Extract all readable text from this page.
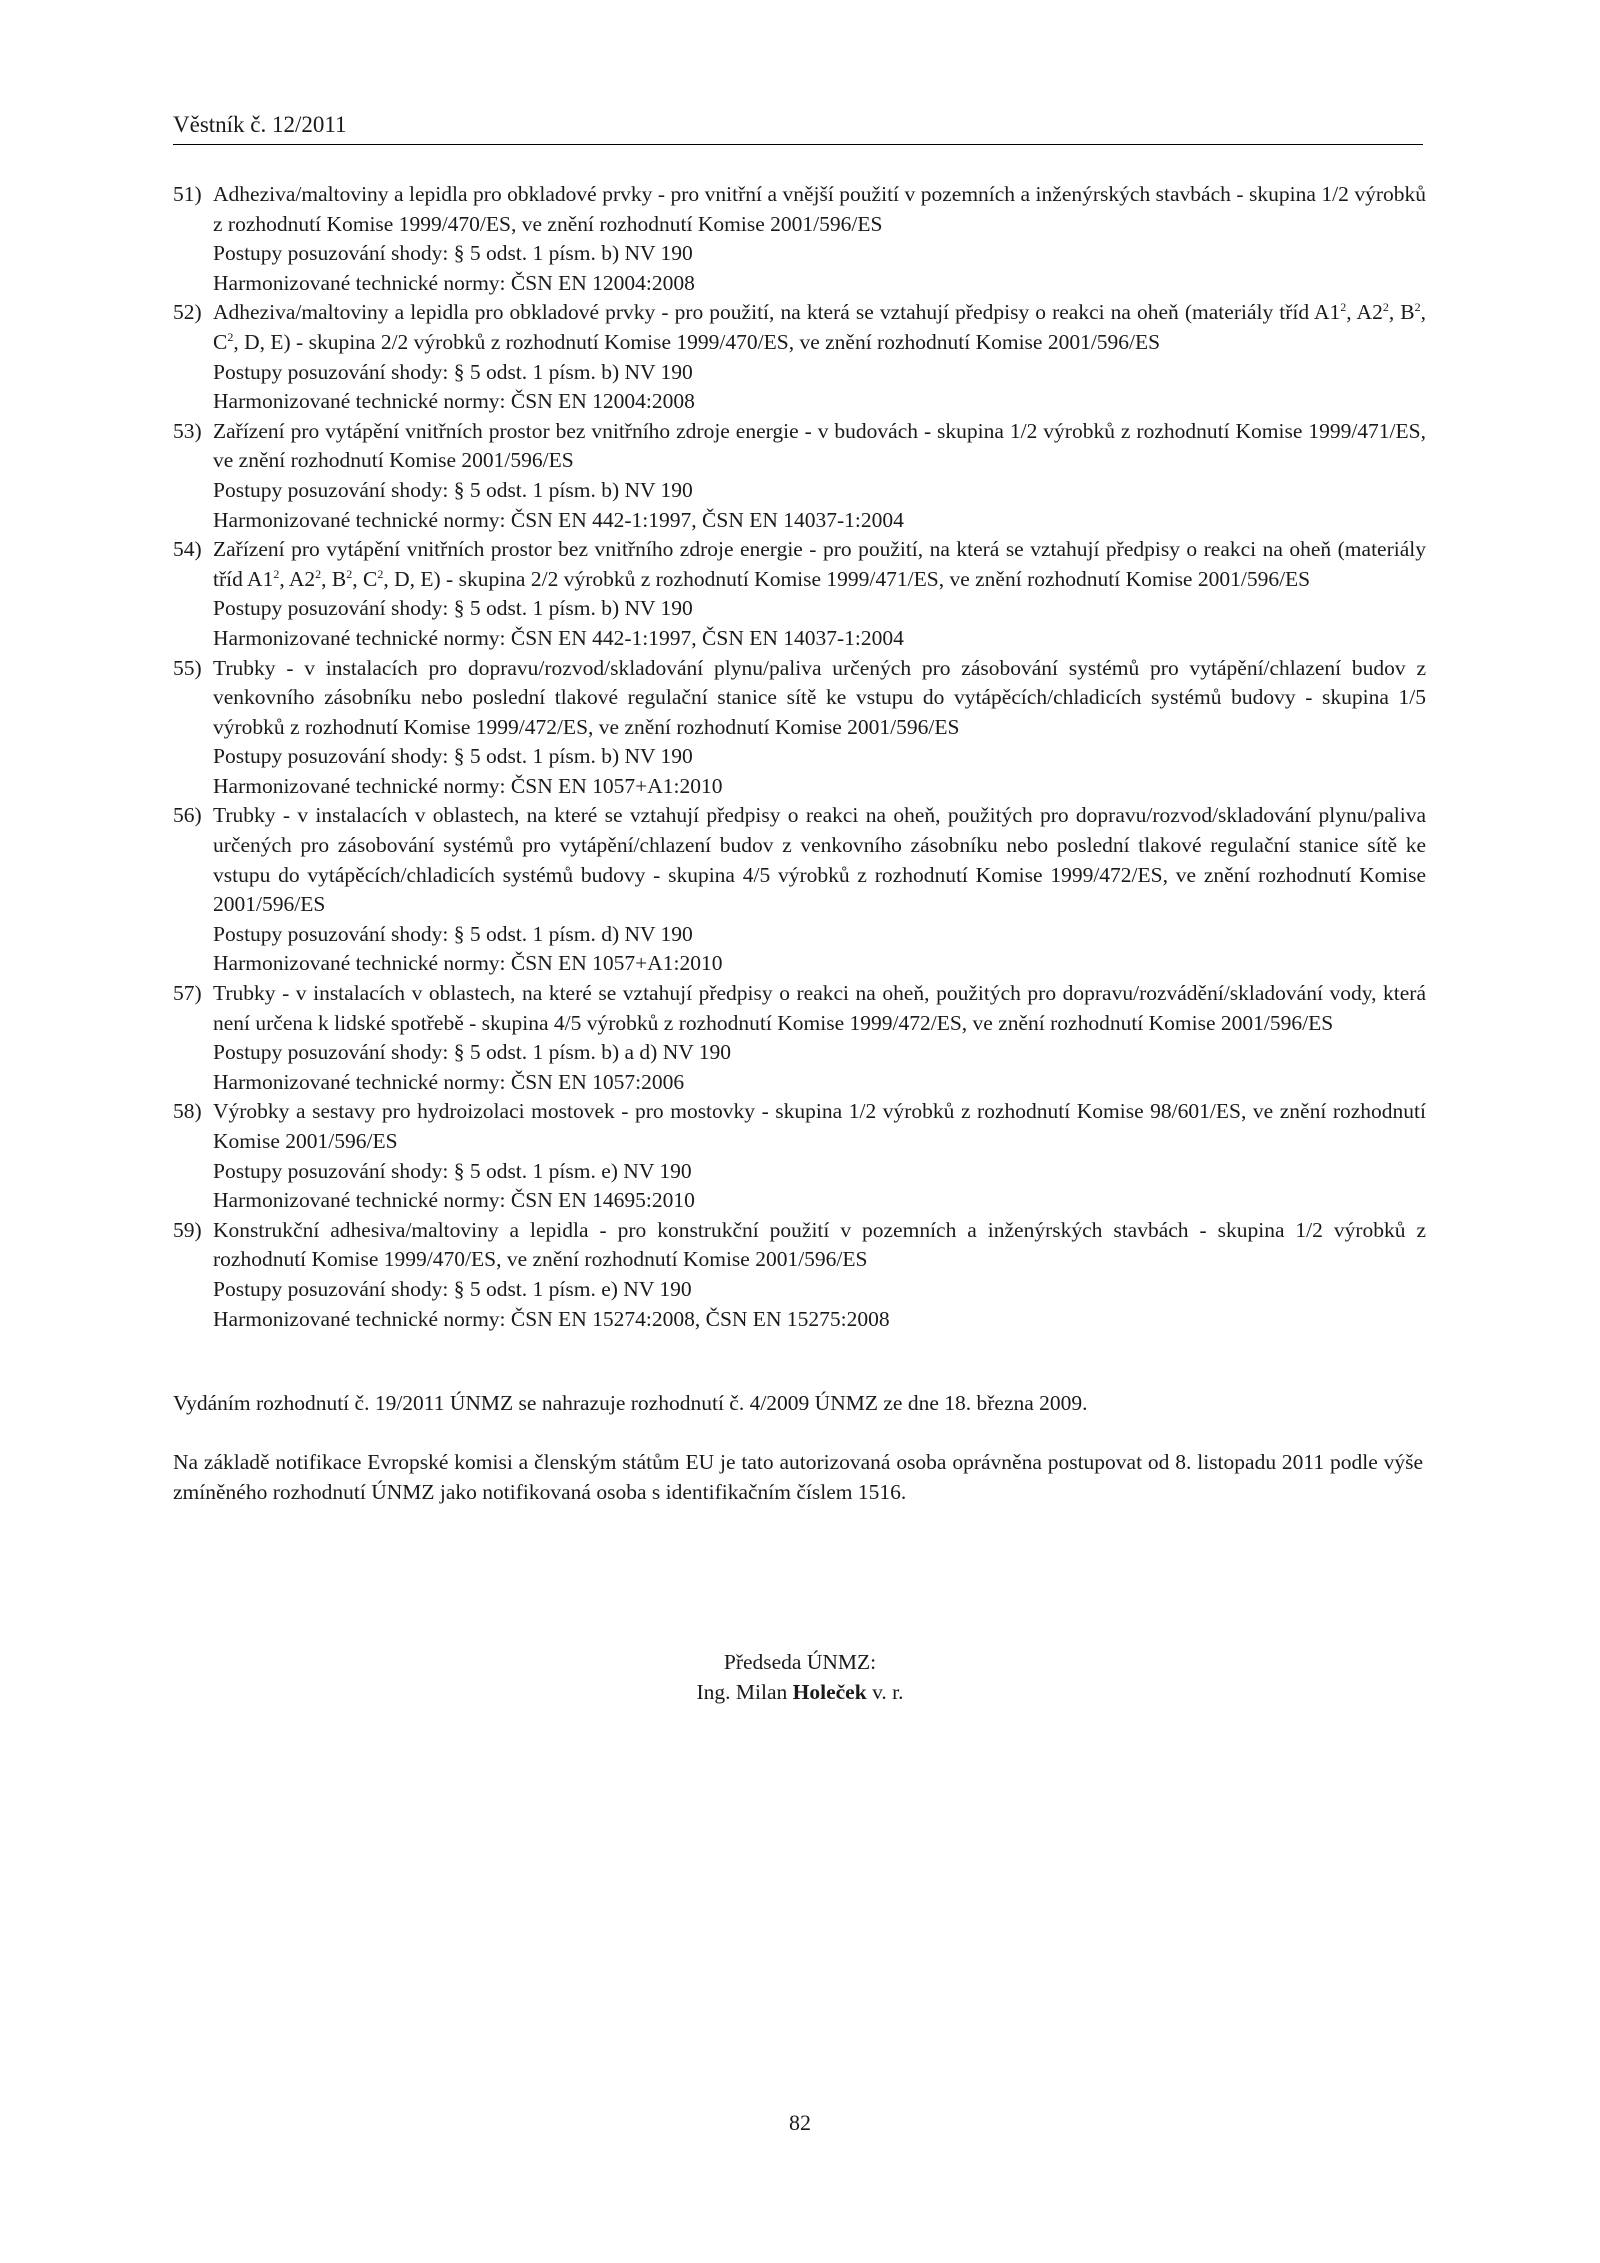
Věstník č. 12/2011
51) Adheziva/maltoviny a lepidla pro obkladové prvky - pro vnitřní a vnější použití v pozemních a inženýrských stavbách - skupina 1/2 výrobků z rozhodnutí Komise 1999/470/ES, ve znění rozhodnutí Komise 2001/596/ES
Postupy posuzování shody: § 5 odst. 1 písm. b) NV 190
Harmonizované technické normy: ČSN EN 12004:2008
52) Adheziva/maltoviny a lepidla pro obkladové prvky - pro použití, na která se vztahují předpisy o reakci na oheň (materiály tříd $A1^2$, $A2^2$, $B^2$, $C^2$, D, E) - skupina 2/2 výrobků z rozhodnutí Komise 1999/470/ES, ve znění rozhodnutí Komise 2001/596/ES
Postupy posuzování shody: § 5 odst. 1 písm. b) NV 190
Harmonizované technické normy: ČSN EN 12004:2008
53) Zařízení pro vytápění vnitřních prostor bez vnitřního zdroje energie - v budovách - skupina 1/2 výrobků z rozhodnutí Komise 1999/471/ES, ve znění rozhodnutí Komise 2001/596/ES
Postupy posuzování shody: § 5 odst. 1 písm. b) NV 190
Harmonizované technické normy: ČSN EN 442-1:1997, ČSN EN 14037-1:2004
54) Zařízení pro vytápění vnitřních prostor bez vnitřního zdroje energie - pro použití, na která se vztahují předpisy o reakci na oheň (materiály tříd $A1^2$, $A2^2$, $B^2$, $C^2$, D, E) - skupina 2/2 výrobků z rozhodnutí Komise 1999/471/ES, ve znění rozhodnutí Komise 2001/596/ES
Postupy posuzování shody: § 5 odst. 1 písm. b) NV 190
Harmonizované technické normy: ČSN EN 442-1:1997, ČSN EN 14037-1:2004
55) Trubky - v instalacích pro dopravu/rozvod/skladování plynu/paliva určených pro zásobování systémů pro vytápění/chlazení budov z venkovního zásobníku nebo poslední tlakové regulační stanice sítě ke vstupu do vytápěcích/chladicích systémů budovy - skupina 1/5 výrobků z rozhodnutí Komise 1999/472/ES, ve znění rozhodnutí Komise 2001/596/ES
Postupy posuzování shody: § 5 odst. 1 písm. b) NV 190
Harmonizované technické normy: ČSN EN 1057+A1:2010
56) Trubky - v instalacích v oblastech, na které se vztahují předpisy o reakci na oheň, použitých pro dopravu/rozvod/skladování plynu/paliva určených pro zásobování systémů pro vytápění/chlazení budov z venkovního zásobníku nebo poslední tlakové regulační stanice sítě ke vstupu do vytápěcích/chladicích systémů budovy - skupina 4/5 výrobků z rozhodnutí Komise 1999/472/ES, ve znění rozhodnutí Komise 2001/596/ES
Postupy posuzování shody: § 5 odst. 1 písm. d) NV 190
Harmonizované technické normy: ČSN EN 1057+A1:2010
57) Trubky - v instalacích v oblastech, na které se vztahují předpisy o reakci na oheň, použitých pro dopravu/rozvádění/skladování vody, která není určena k lidské spotřebě - skupina 4/5 výrobků z rozhodnutí Komise 1999/472/ES, ve znění rozhodnutí Komise 2001/596/ES
Postupy posuzování shody: § 5 odst. 1 písm. b) a d) NV 190
Harmonizované technické normy: ČSN EN 1057:2006
58) Výrobky a sestavy pro hydroizolaci mostovek - pro mostovky - skupina 1/2 výrobků z rozhodnutí Komise 98/601/ES, ve znění rozhodnutí Komise 2001/596/ES
Postupy posuzování shody: § 5 odst. 1 písm. e) NV 190
Harmonizované technické normy: ČSN EN 14695:2010
59) Konstrukční adhesiva/maltoviny a lepidla - pro konstrukční použití v pozemních a inženýrských stavbách - skupina 1/2 výrobků z rozhodnutí Komise 1999/470/ES, ve znění rozhodnutí Komise 2001/596/ES
Postupy posuzování shody: § 5 odst. 1 písm. e) NV 190
Harmonizované technické normy: ČSN EN 15274:2008, ČSN EN 15275:2008
Vydáním rozhodnutí č. 19/2011 ÚNMZ se nahrazuje rozhodnutí č. 4/2009 ÚNMZ ze dne 18. března 2009.
Na základě notifikace Evropské komisi a členským státům EU je tato autorizovaná osoba oprávněna postupovat od 8. listopadu 2011 podle výše zmíněného rozhodnutí ÚNMZ jako notifikovaná osoba s identifikačním číslem 1516.
Předseda ÚNMZ:
Ing. Milan Holeček v. r.
82
